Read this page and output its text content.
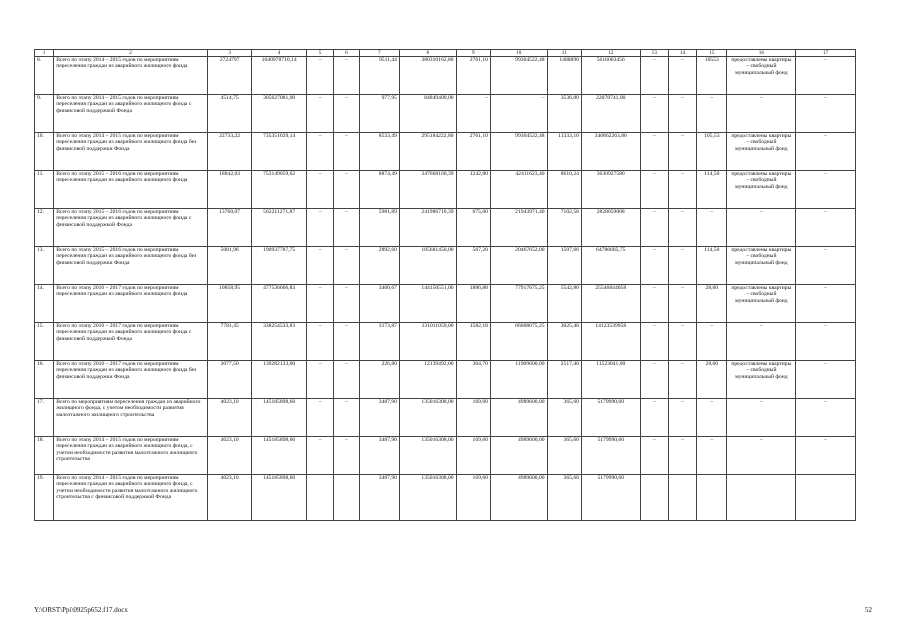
1	2	3	4	5	6	7	8	9	10	11	12	13	14	15	16	17
8.	Всего по этапу 2014 – 2015 годов по мероприятиям переселения граждан из аварийного жилищного фонда	2724797	1040978710,14	–	–	9511,44	380310162,80	2761,10	99304522,48	1488890	5616063456	–	–	10553	предоставлены квартиры – свободный муниципальный фонд	–
9.	Всего по этапу 2014 – 2015 годов по мероприятиям переселения граждан из аварийного жилищного фонда с финансовой поддержкой Фонда	4514,75	305627081,00	–	–	977,95	84849400,00	–	–	3536,80	22078741,00	–	–	–	–	–
10.	Всего по этапу 2014 – 2015 годов по мероприятиям переселения граждан из аварийного жилищного фонда без финансовой поддержки Фонда	22733,22	735351029,14	–	–	8533,49	295184222,80	2761,10	99304522,48	11333,10	340862263,86	–	–	105,53	предоставлены квартиры – свободный муниципальный фонд	–
11.	Всего по этапу 2015 – 2016 годов по мероприятиям переселения граждан из аварийного жилищного фонда	18842,03	753149059,62	–	–	8874,49	347668160,39	1242,80	42411623,40	8610,24	3630927580	–	–	114,50	предоставлены квартиры – свободный муниципальный фонд	–
12.	Всего по этапу 2015 – 2016 годов по мероприятиям переселения граждан из аварийного жилищного фонда с финансовой поддержкой Фонда	13760,07	562211271,87	–	–	5981,89	241986710,39	675,60	21943971,40	7102,58	2828059008	–	–	–	–	–
13.	Всего по этапу 2015 – 2016 годов по мероприятиям переселения граждан из аварийного жилищного фонда без финансовой поддержки Фонда	5081,96	190937787,75	–	–	2892,60	105681450,00	567,20	20467652,00	1507,66	64786685,75	–	–	114,50	предоставлены квартиры – свободный муниципальный фонд	–
14.	Всего по этапу 2016 – 2017 годов по мероприятиям переселения граждан из аварийного жилищного фонда	10858,95	477536666,83	–	–	3400,67	144150551,00	1886,88	77917675,25	5542,80	25546844058	–	–	28,60	предоставлены квартиры – свободный муниципальный фонд	–
15.	Всего по этапу 2016 – 2017 годов по мероприятиям переселения граждан из аварийного жилищного фонда с финансовой поддержкой Фонда	7781,45	338254533,83	–	–	3173,87	131011059,00	1582,18	66008075,25	3025,40	14123539958	–	–	–	–	–
16.	Всего по этапу 2016 – 2017 годов по мероприятиям переселения граждан из аварийного жилищного фонда без финансовой поддержки Фонда	3077,50	139282133,00	–	–	226,80	12139492,00	304,70	11909600,00	2517,40	11523041,00	–	–	28,60	предоставлены квартиры – свободный муниципальный фонд	–
17.	Всего по мероприятиям переселения граждан из аварийного жилищного фонда, с учетом необходимости развития малоэтажного жилищного строительства	4023,10	145185898,60	–	–	3487,90	135016308,00	169,60	4989600,00	365,60	5179990,60	–	–	–	–	–
18.	Всего по этапу 2014 – 2015 годов по мероприятиям переселения граждан из аварийного жилищного фонда, с учетом необходимости развития малоэтажного жилищного строительства	4023,10	145185898,60	–	–	3487,90	135016308,00	169,60	4989600,00	365,60	5179990,60	–	–	–	–	–
19.	Всего по этапу 2014 – 2015 годов по мероприятиям переселения граждан из аварийного жилищного фонда, с учетом необходимости развития малоэтажного жилищного строительства с финансовой поддержкой Фонда	4023,10	145185898,60			3487,90	135016308,00	169,60	4989600,00	365,60	5179990,60					
Y:\ORST\Ppi\0925p652.f17.docx	52
